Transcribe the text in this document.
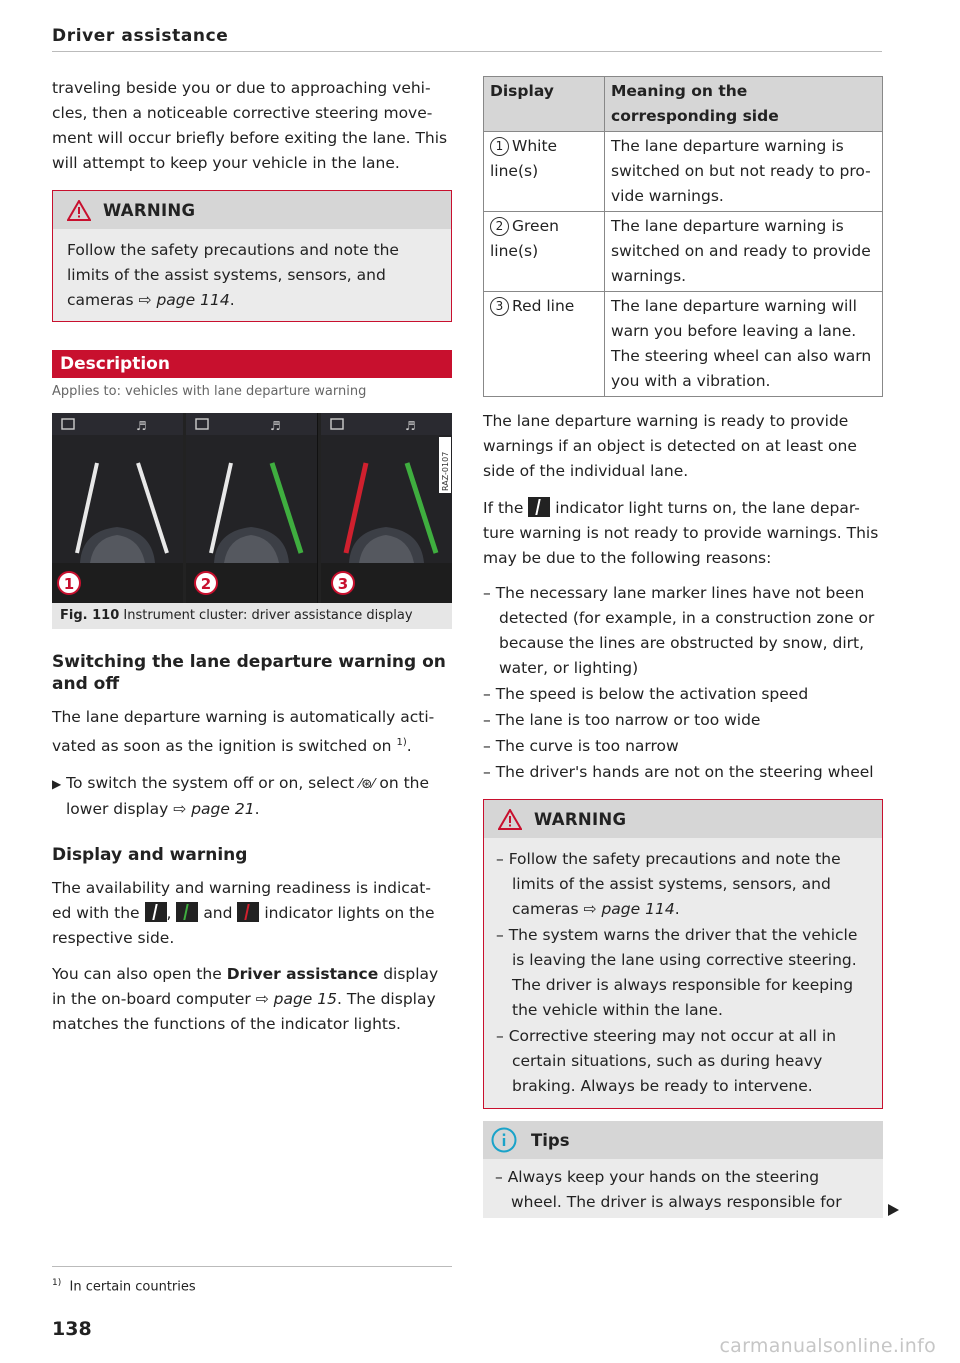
Driver assistance

traveling beside you or due to approaching vehi- cles, then a noticeable corrective steering move- ment will occur briefly before exiting the lane. This will attempt to keep your vehicle in the lane.

WARNING
Follow the safety precautions and note the limits of the assist systems, sensors, and cameras ⇨ page 114.
Description
Applies to: vehicles with lane departure warning
♬
1
♬
2
♬
3
RAZ-0107
Fig. 110 Instrument cluster: driver assistance display
Switching the lane departure warning on and off

The lane departure warning is automatically acti- vated as soon as the ignition is switched on $^{1)}$.

▶ To switch the system off or on, select ⁄⊛⁄ on the lower display ⇨ page 21.
Display and warning

The availability and warning readiness is indicat- ed with the , and indicator lights on the respective side.

You can also open the Driver assistance display in the on-board computer ⇨ page 15. The display matches the functions of the indicator lights.

$^{1)}$ In certain countries
138
Display	Meaning on the corresponding side
1 White line(s)	The lane departure warning is switched on but not ready to pro- vide warnings.
2 Green line(s)	The lane departure warning is switched on and ready to provide warnings.
3 Red line	The lane departure warning will warn you before leaving a lane. The steering wheel can also warn you with a vibration.

The lane departure warning is ready to provide warnings if an object is detected on at least one side of the individual lane.

If the indicator light turns on, the lane depar- ture warning is not ready to provide warnings. This may be due to the following reasons:

– The necessary lane marker lines have not been detected (for example, in a construction zone or because the lines are obstructed by snow, dirt, water, or lighting)
– The speed is below the activation speed
– The lane is too narrow or too wide
– The curve is too narrow
– The driver's hands are not on the steering wheel
WARNING
– Follow the safety precautions and note the limits of the assist systems, sensors, and cameras ⇨ page 114.
– The system warns the driver that the vehicle is leaving the lane using corrective steering. The driver is always responsible for keeping the vehicle within the lane.
– Corrective steering may not occur at all in certain situations, such as during heavy braking. Always be ready to intervene.
Tips
– Always keep your hands on the steering wheel. The driver is always responsible for
carmanualsonline.info
